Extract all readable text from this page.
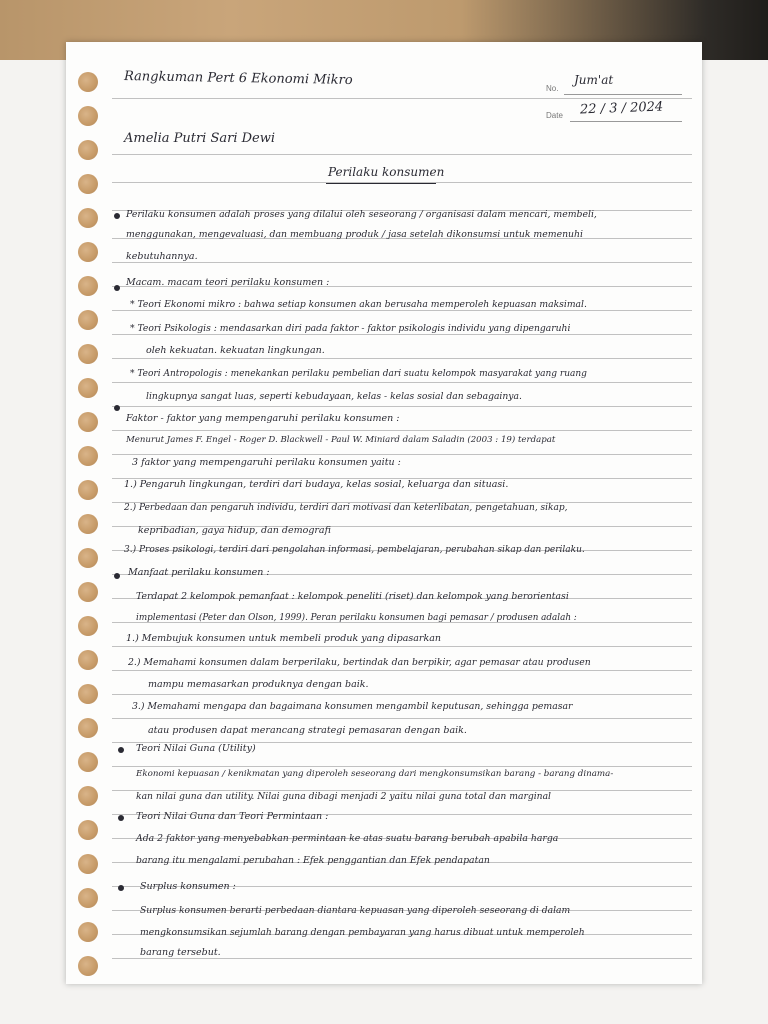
Rangkuman Pert 6 Ekonomi Mikro
No.
Jum'at
Date 22 / 3 / 2024
Amelia Putri Sari Dewi
Perilaku konsumen
Perilaku konsumen adalah proses yang dilalui oleh seseorang / organisasi dalam mencari, membeli,
menggunakan, mengevaluasi, dan membuang produk / jasa setelah dikonsumsi untuk memenuhi
kebutuhannya.
Macam. macam teori perilaku konsumen :
* Teori Ekonomi mikro : bahwa setiap konsumen akan berusaha memperoleh kepuasan maksimal.
* Teori Psikologis : mendasarkan diri pada faktor - faktor psikologis individu yang dipengaruhi
oleh kekuatan. kekuatan lingkungan.
* Teori Antropologis : menekankan perilaku pembelian dari suatu kelompok masyarakat yang ruang
lingkupnya sangat luas, seperti kebudayaan, kelas - kelas sosial dan sebagainya.
Faktor - faktor yang mempengaruhi perilaku konsumen :
Menurut James F. Engel - Roger D. Blackwell - Paul W. Miniard dalam Saladin (2003 : 19) terdapat
3 faktor yang mempengaruhi perilaku konsumen yaitu :
1.) Pengaruh lingkungan, terdiri dari budaya, kelas sosial, keluarga dan situasi.
2.) Perbedaan dan pengaruh individu, terdiri dari motivasi dan keterlibatan, pengetahuan, sikap,
kepribadian, gaya hidup, dan demografi
3.) Proses psikologi, terdiri dari pengolahan informasi, pembelajaran, perubahan sikap dan perilaku.
Manfaat perilaku konsumen :
Terdapat 2 kelompok pemanfaat : kelompok peneliti (riset) dan kelompok yang berorientasi
implementasi (Peter dan Olson, 1999). Peran perilaku konsumen bagi pemasar / produsen adalah :
1.) Membujuk konsumen untuk membeli produk yang dipasarkan
2.) Memahami konsumen dalam berperilaku, bertindak dan berpikir, agar pemasar atau produsen
mampu memasarkan produknya dengan baik.
3.) Memahami mengapa dan bagaimana konsumen mengambil keputusan, sehingga pemasar
atau produsen dapat merancang strategi pemasaran dengan baik.
Teori Nilai Guna (Utility)
Ekonomi kepuasan / kenikmatan yang diperoleh seseorang dari mengkonsumsikan barang - barang dinama-
kan nilai guna dan utility. Nilai guna dibagi menjadi 2 yaitu nilai guna total dan marginal
Teori Nilai Guna dan Teori Permintaan :
Ada 2 faktor yang menyebabkan permintaan ke atas suatu barang berubah apabila harga
barang itu mengalami perubahan : Efek penggantian dan Efek pendapatan
Surplus konsumen :
Surplus konsumen berarti perbedaan diantara kepuasan yang diperoleh seseorang di dalam
mengkonsumsikan sejumlah barang dengan pembayaran yang harus dibuat untuk memperoleh
barang tersebut.
